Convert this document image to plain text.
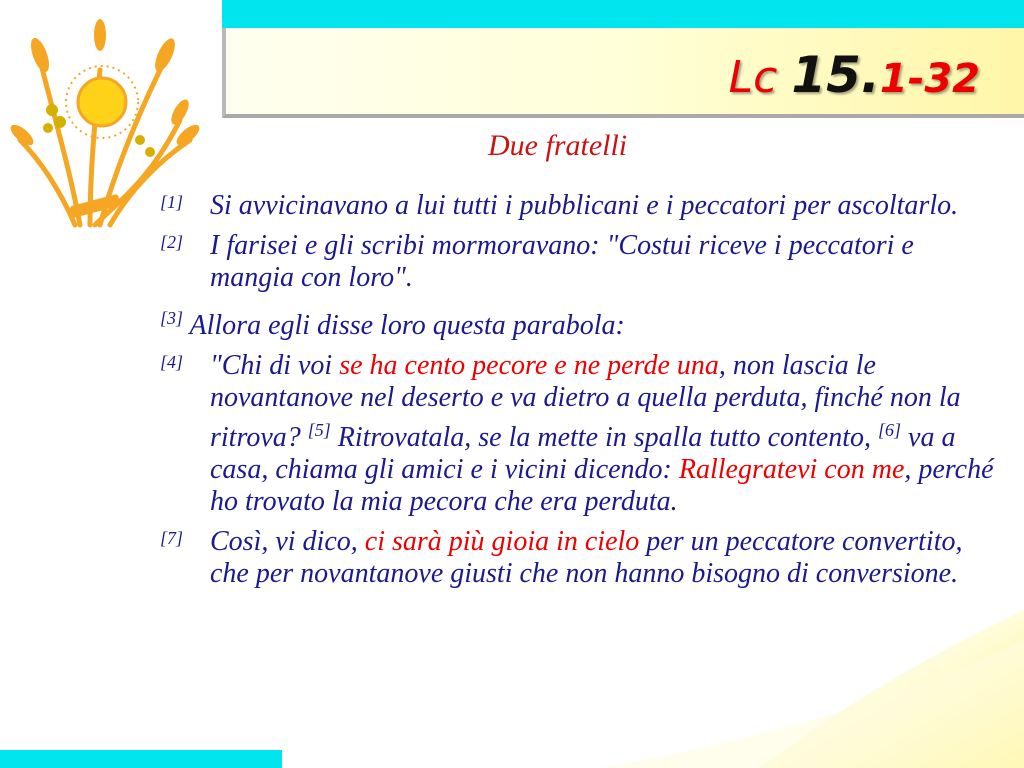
Lc 15.1-32
Due fratelli
[1] Si avvicinavano a lui tutti i pubblicani e i peccatori per ascoltarlo.
[2] I farisei e gli scribi mormoravano: "Costui riceve i peccatori e mangia con loro".
[3] Allora egli disse loro questa parabola:
[4] "Chi di voi se ha cento pecore e ne perde una, non lascia le novantanove nel deserto e va dietro a quella perduta, finché non la ritrova? [5] Ritrovatala, se la mette in spalla tutto contento, [6] va a casa, chiama gli amici e i vicini dicendo: Rallegratevi con me, perché ho trovato la mia pecora che era perduta.
[7] Così, vi dico, ci sarà più gioia in cielo per un peccatore convertito, che per novantanove giusti che non hanno bisogno di conversione.
